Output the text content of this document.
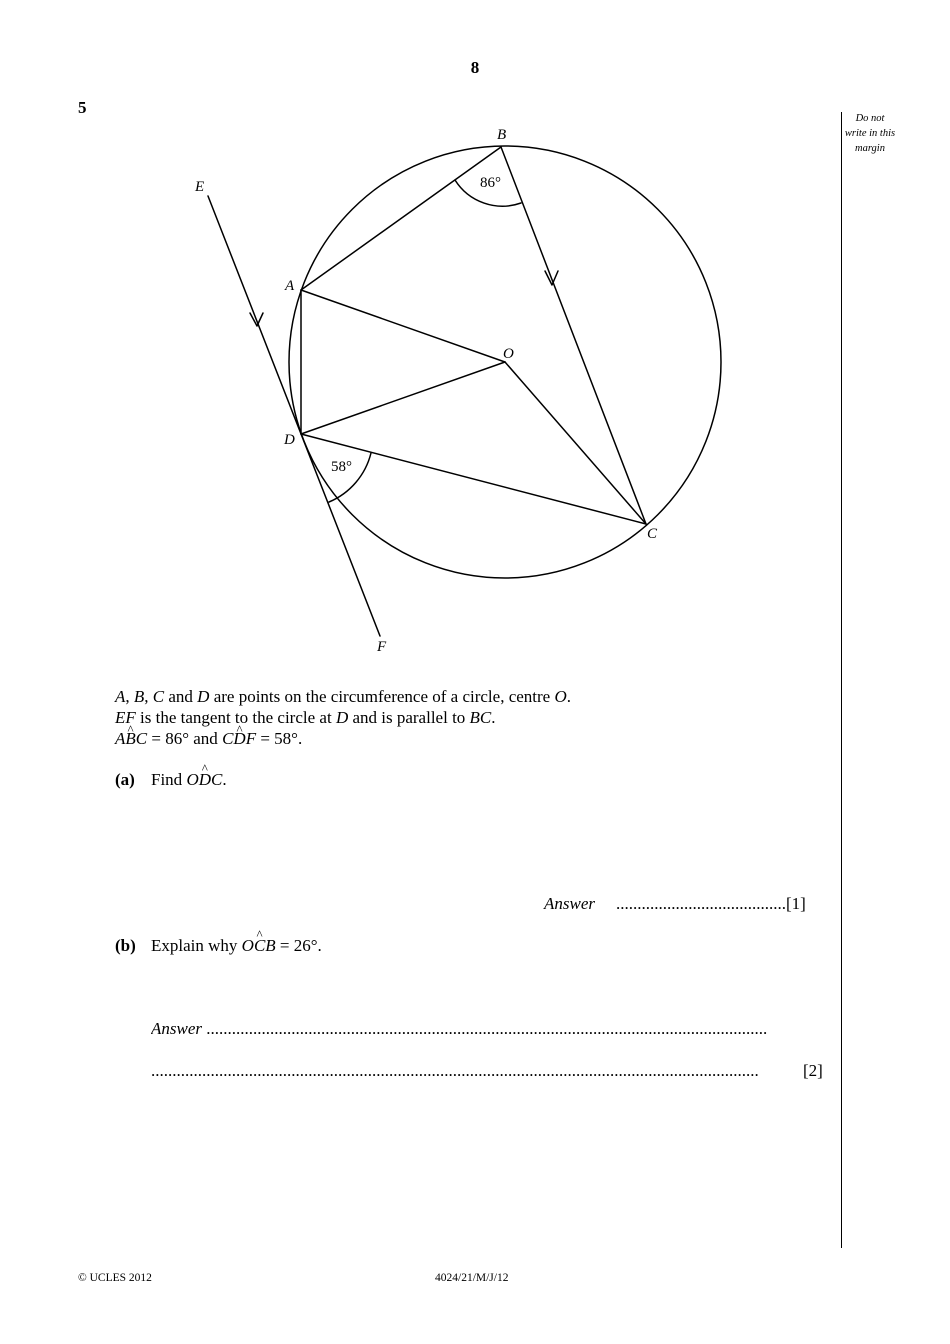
8
5
Do not
write in this
margin
B
E
A
O
D
C
F
86°
58°
A, B, C and D are points on the circumference of a circle, centre O.
EF is the tangent to the circle at D and is parallel to BC.
AB ^C = 86° and CD ^F = 58°.
(a) Find OD ^C.
Answer ........................................[1]
(b) Explain why OC ^B = 26°.
Answer ....................................................................................................................................
...............................................................................................................................................	[2]
© UCLES 2012	4024/21/M/J/12
